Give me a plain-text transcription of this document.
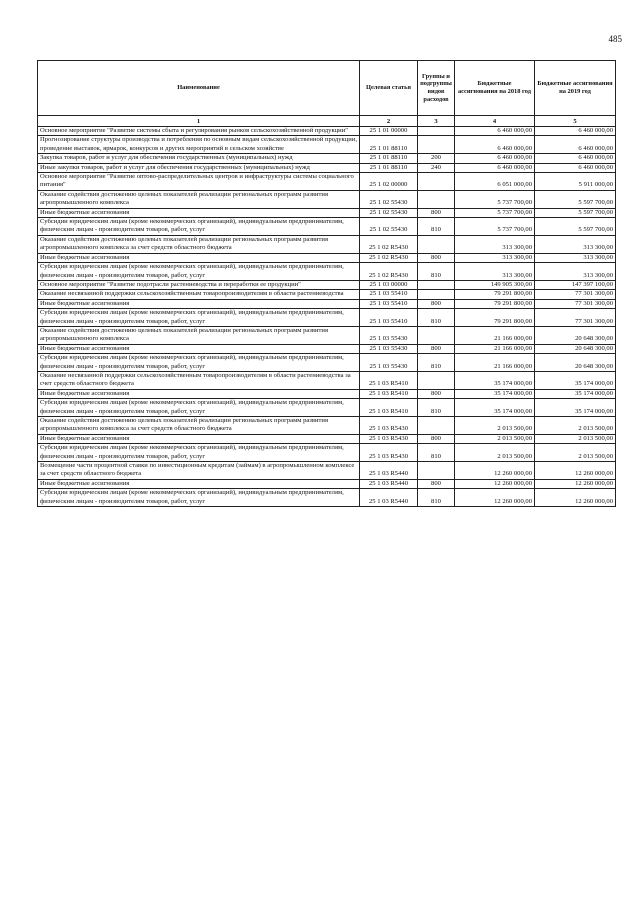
485
Наименование	Целевая статья	Группы и подгруппы видов расходов	Бюджетные ассигнования на 2018 год	Бюджетные ассигнования на 2019 год
1	2	3	4	5
Основное мероприятие "Развитие системы сбыта и регулирования рынков сельскохозяйственной продукции"	25 1 01 00000		6 460 000,00	6 460 000,00
Прогнозирование структуры производства и потребления по основным видам сельскохозяйственной продукции, проведение выставок, ярмарок, конкурсов и других мероприятий в сельском хозяйстве	25 1 01 88110		6 460 000,00	6 460 000,00
Закупка товаров, работ и услуг для обеспечения государственных (муниципальных) нужд	25 1 01 88110	200	6 460 000,00	6 460 000,00
Иные закупки товаров, работ и услуг для обеспечения государственных (муниципальных) нужд	25 1 01 88110	240	6 460 000,00	6 460 000,00
Основное мероприятие "Развитие оптово-распределительных центров и инфраструктуры системы социального питания"	25 1 02 00000		6 051 000,00	5 911 000,00
Оказание содействия достижению целевых показателей реализации региональных программ развития агропромышленного комплекса	25 1 02 55430		5 737 700,00	5 597 700,00
Иные бюджетные ассигнования	25 1 02 55430	800	5 737 700,00	5 597 700,00
Субсидии юридическим лицам (кроме некоммерческих организаций), индивидуальным предпринимателям, физическим лицам - производителям товаров, работ, услуг	25 1 02 55430	810	5 737 700,00	5 597 700,00
Оказание содействия достижению целевых показателей реализации региональных программ развития агропромышленного комплекса за счет средств областного бюджета	25 1 02 R5430		313 300,00	313 300,00
Иные бюджетные ассигнования	25 1 02 R5430	800	313 300,00	313 300,00
Субсидии юридическим лицам (кроме некоммерческих организаций), индивидуальным предпринимателям, физическим лицам - производителям товаров, работ, услуг	25 1 02 R5430	810	313 300,00	313 300,00
Основное мероприятие "Развитие подотрасли растениеводства и переработки ее продукции"	25 1 03 00000		149 905 300,00	147 397 100,00
Оказание несвязанной поддержки сельскохозяйственным товаропроизводителям в области растениеводства	25 1 03 55410		79 291 800,00	77 301 300,00
Иные бюджетные ассигнования	25 1 03 55410	800	79 291 800,00	77 301 300,00
Субсидии юридическим лицам (кроме некоммерческих организаций), индивидуальным предпринимателям, физическим лицам - производителям товаров, работ, услуг	25 1 03 55410	810	79 291 800,00	77 301 300,00
Оказание содействия достижению целевых показателей реализации региональных программ развития агропромышленного комплекса	25 1 03 55430		21 166 000,00	20 648 300,00
Иные бюджетные ассигнования	25 1 03 55430	800	21 166 000,00	20 648 300,00
Субсидии юридическим лицам (кроме некоммерческих организаций), индивидуальным предпринимателям, физическим лицам - производителям товаров, работ, услуг	25 1 03 55430	810	21 166 000,00	20 648 300,00
Оказание несвязанной поддержки сельскохозяйственным товаропроизводителям в области растениеводства за счет средств областного бюджета	25 1 03 R5410		35 174 000,00	35 174 000,00
Иные бюджетные ассигнования	25 1 03 R5410	800	35 174 000,00	35 174 000,00
Субсидии юридическим лицам (кроме некоммерческих организаций), индивидуальным предпринимателям, физическим лицам - производителям товаров, работ, услуг	25 1 03 R5410	810	35 174 000,00	35 174 000,00
Оказание содействия достижению целевых показателей реализации региональных программ развития агропромышленного комплекса за счет средств областного бюджета	25 1 03 R5430		2 013 500,00	2 013 500,00
Иные бюджетные ассигнования	25 1 03 R5430	800	2 013 500,00	2 013 500,00
Субсидии юридическим лицам (кроме некоммерческих организаций), индивидуальным предпринимателям, физическим лицам - производителям товаров, работ, услуг	25 1 03 R5430	810	2 013 500,00	2 013 500,00
Возмещение части процентной ставки по инвестиционным кредитам (займам) в агропромышленном комплексе за счет средств областного бюджета	25 1 03 R5440		12 260 000,00	12 260 000,00
Иные бюджетные ассигнования	25 1 03 R5440	800	12 260 000,00	12 260 000,00
Субсидии юридическим лицам (кроме некоммерческих организаций), индивидуальным предпринимателям, физическим лицам - производителям товаров, работ, услуг	25 1 03 R5440	810	12 260 000,00	12 260 000,00
